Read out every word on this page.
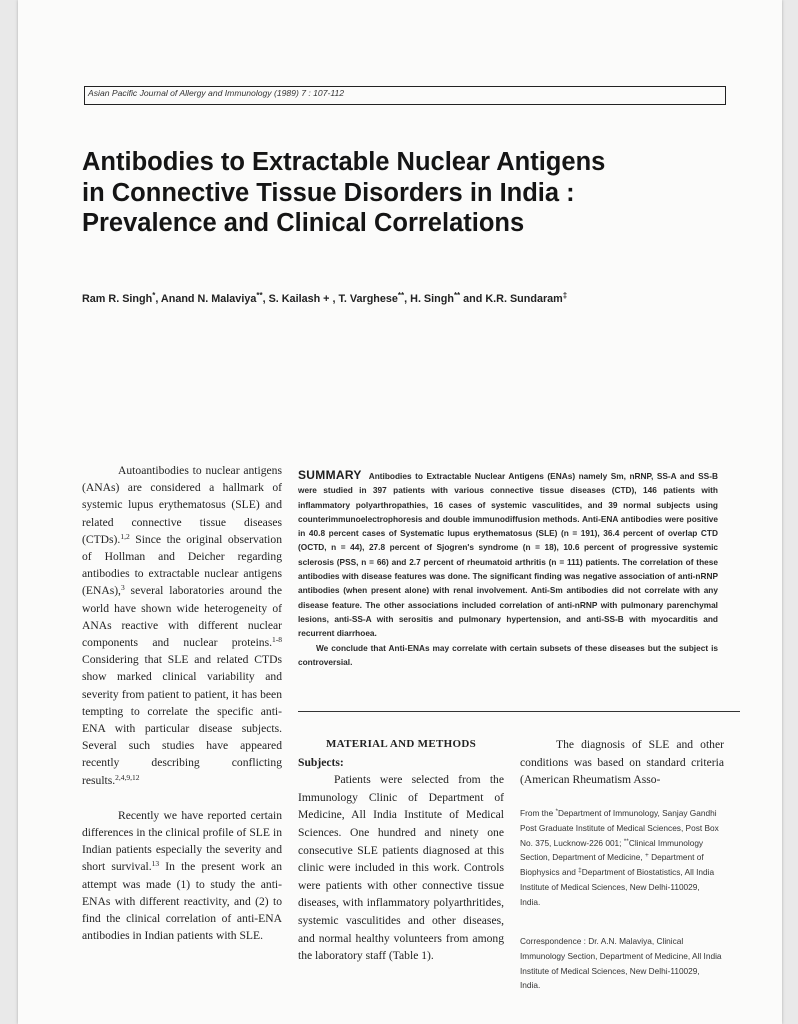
Asian Pacific Journal of Allergy and Immunology (1989) 7 : 107-112
Antibodies to Extractable Nuclear Antigens
in Connective Tissue Disorders in India :
Prevalence and Clinical Correlations
Ram R. Singh*, Anand N. Malaviya**, S. Kailash + , T. Varghese**, H. Singh** and K.R. Sundaram‡

Autoantibodies to nuclear antigens (ANAs) are considered a hallmark of systemic lupus erythematosus (SLE) and related connective tissue diseases (CTDs).$^{1,2}$ Since the original observation of Hollman and Deicher regarding antibodies to extractable nuclear antigens (ENAs),$^3$ several laboratories around the world have shown wide heterogeneity of ANAs reactive with different nuclear components and nuclear proteins.$^{1-8}$ Considering that SLE and related CTDs show marked clinical variability and severity from patient to patient, it has been tempting to correlate the specific anti-ENA with particular disease subjects. Several such studies have appeared recently describing conflicting results.$^{2,4,9,12}$

Recently we have reported certain differences in the clinical profile of SLE in Indian patients especially the severity and short survival.$^{13}$ In the present work an attempt was made (1) to study the anti-ENAs with different reactivity, and (2) to find the clinical correlation of anti-ENA antibodies in Indian patients with SLE.

SUMMARY Antibodies to Extractable Nuclear Antigens (ENAs) namely Sm, nRNP, SS-A and SS-B were studied in 397 patients with various connective tissue diseases (CTD), 146 patients with inflammatory polyarthropathies, 16 cases of systemic vasculitides, and 39 normal subjects using counterimmunoelectrophoresis and double immunodiffusion methods. Anti-ENA antibodies were positive in 40.8 percent cases of Systematic lupus erythematosus (SLE) (n = 191), 36.4 percent of overlap CTD (OCTD, n = 44), 27.8 percent of Sjogren's syndrome (n = 18), 10.6 percent of progressive systemic sclerosis (PSS, n = 66) and 2.7 percent of rheumatoid arthritis (n = 111) patients. The correlation of these antibodies with disease features was done. The significant finding was negative association of anti-nRNP antibodies (when present alone) with renal involvement. Anti-Sm antibodies did not correlate with any disease feature. The other associations included correlation of anti-nRNP with pulmonary parenchymal lesions, anti-SS-A with serositis and pulmonary hypertension, and anti-SS-B with myocarditis and recurrent diarrhoea.

We conclude that Anti-ENAs may correlate with certain subsets of these diseases but the subject is controversial.

MATERIAL AND METHODS

Subjects:

Patients were selected from the Immunology Clinic of Department of Medicine, All India Institute of Medical Sciences. One hundred and ninety one consecutive SLE patients diagnosed at this clinic were included in this work. Controls were patients with other connective tissue diseases, with inflammatory polyarthritides, systemic vasculitides and other diseases, and normal healthy volunteers from among the laboratory staff (Table 1).

The diagnosis of SLE and other conditions was based on standard criteria (American Rheumatism Asso-

From the *Department of Immunology, Sanjay Gandhi Post Graduate Institute of Medical Sciences, Post Box No. 375, Lucknow-226 001; **Clinical Immunology Section, Department of Medicine, + Department of Biophysics and ‡Department of Biostatistics, All India Institute of Medical Sciences, New Delhi-110029, India.

Correspondence : Dr. A.N. Malaviya, Clinical Immunology Section, Department of Medicine, All India Institute of Medical Sciences, New Delhi-110029, India.
